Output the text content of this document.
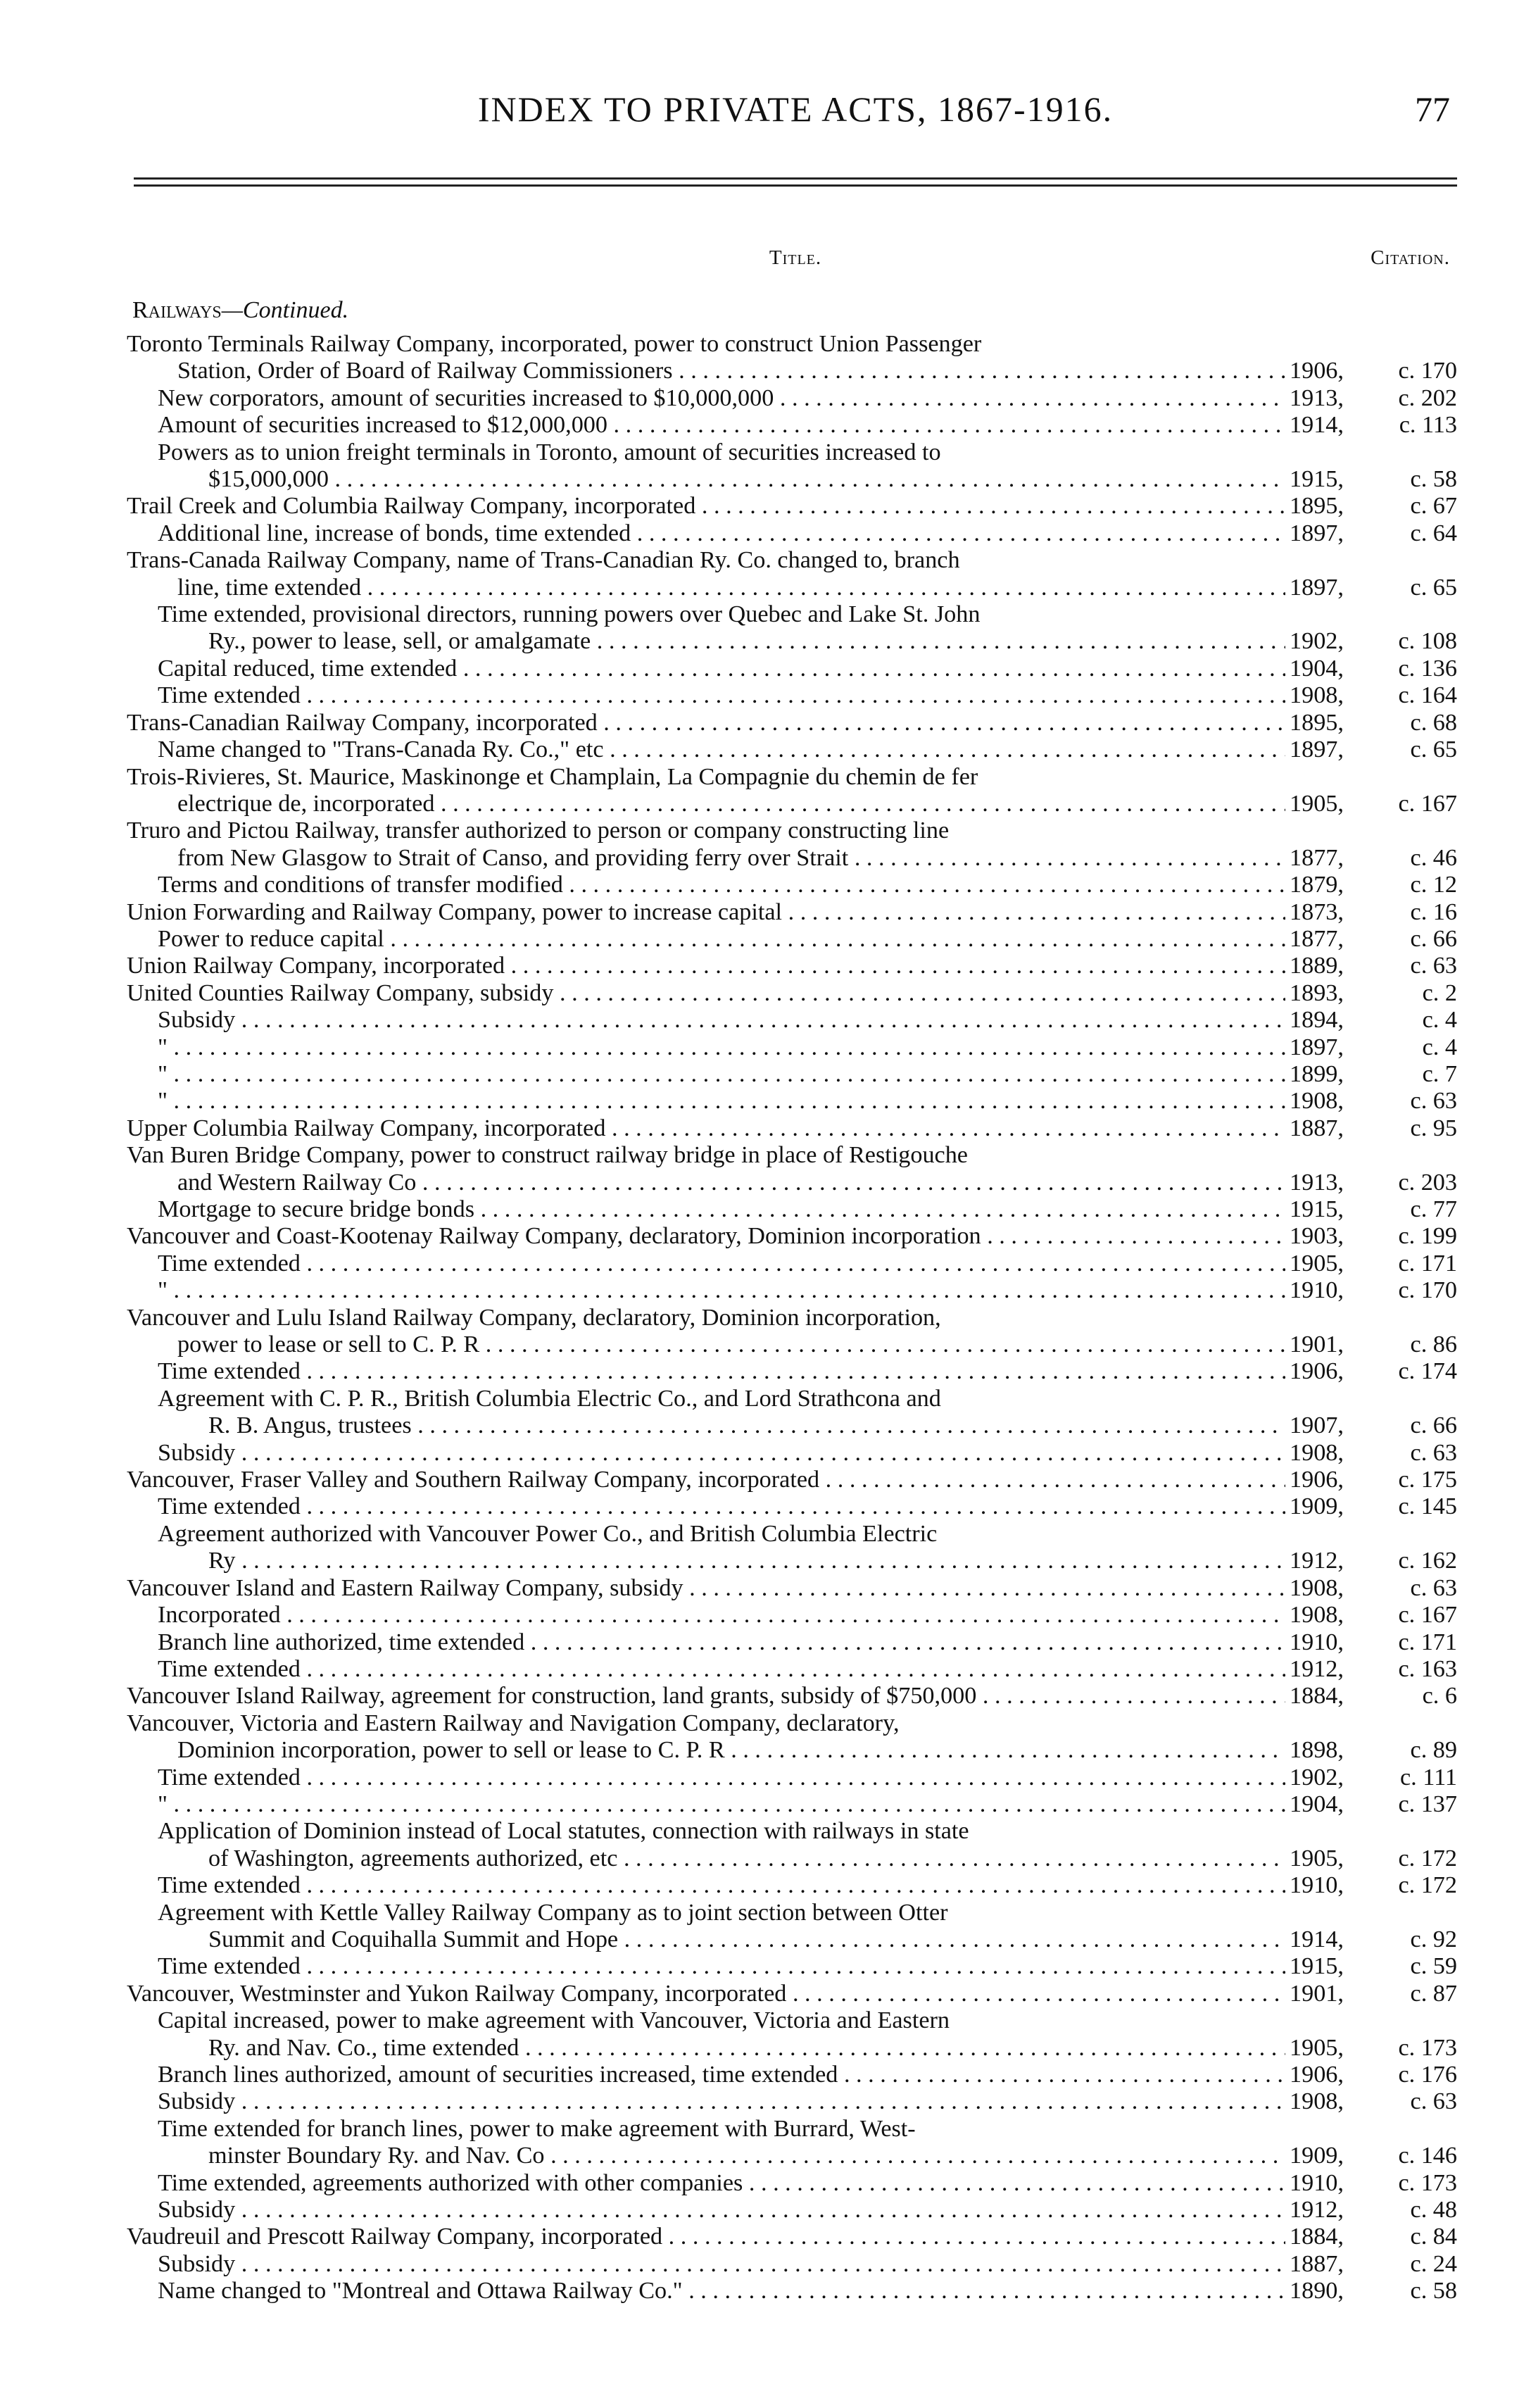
INDEX TO PRIVATE ACTS, 1867-1916.	77
Title.	Citation.
Railways—Continued.
Toronto Terminals Railway Company, incorporated, power to construct Union Passenger
Station, Order of Board of Railway Commissioners . . .	1906, c. 170
New corporators, amount of securities increased to $10,000,000 . . .	1913, c. 202
Amount of securities increased to $12,000,000 . . .	1914, c. 113
Powers as to union freight terminals in Toronto, amount of securities increased to
$15,000,000 . . .	1915,	c. 58
Trail Creek and Columbia Railway Company, incorporated . . .	1895,	c. 67
Additional line, increase of bonds, time extended . . .	1897,	c. 64
Trans-Canada Railway Company, name of Trans-Canadian Ry. Co. changed to, branch
line, time extended . . .	1897,	c. 65
Time extended, provisional directors, running powers over Quebec and Lake St. John
Ry., power to lease, sell, or amalgamate . . .	1902, c. 108
Capital reduced, time extended . . .	1904, c. 136
Time extended . . .	1908, c. 164
Trans-Canadian Railway Company, incorporated . . .	1895,	c. 68
Name changed to "Trans-Canada Ry. Co.," etc . . .	1897,	c. 65
Trois-Rivieres, St. Maurice, Maskinonge et Champlain, La Compagnie du chemin de fer
electrique de, incorporated . . .	1905, c. 167
Truro and Pictou Railway, transfer authorized to person or company constructing line
from New Glasgow to Strait of Canso, and providing ferry over Strait . . .	1877,	c. 46
Terms and conditions of transfer modified . . .	1879,	c. 12
Union Forwarding and Railway Company, power to increase capital . . .	1873,	c. 16
Power to reduce capital . . .	1877,	c. 66
Union Railway Company, incorporated . . .	1889,	c. 63
United Counties Railway Company, subsidy . . .	1893,	c. 2
Subsidy . . .	1894,	c. 4
" . . .	1897,	c. 4
" . . .	1899,	c. 7
" . . .	1908,	c. 63
Upper Columbia Railway Company, incorporated . . .	1887,	c. 95
Van Buren Bridge Company, power to construct railway bridge in place of Restigouche
and Western Railway Co . . .	1913, c. 203
Mortgage to secure bridge bonds . . .	1915,	c. 77
Vancouver and Coast-Kootenay Railway Company, declaratory, Dominion incorporation . . .	1903, c. 199
Time extended . . .	1905, c. 171
" . . .	1910, c. 170
Vancouver and Lulu Island Railway Company, declaratory, Dominion incorporation,
power to lease or sell to C. P. R . . .	1901,	c. 86
Time extended . . .	1906, c. 174
Agreement with C. P. R., British Columbia Electric Co., and Lord Strathcona and
R. B. Angus, trustees . . .	1907,	c. 66
Subsidy . . .	1908,	c. 63
Vancouver, Fraser Valley and Southern Railway Company, incorporated . . .	1906, c. 175
Time extended . . .	1909, c. 145
Agreement authorized with Vancouver Power Co., and British Columbia Electric
Ry . . .	1912, c. 162
Vancouver Island and Eastern Railway Company, subsidy . . .	1908,	c. 63
Incorporated . . .	1908, c. 167
Branch line authorized, time extended . . .	1910, c. 171
Time extended . . .	1912, c. 163
Vancouver Island Railway, agreement for construction, land grants, subsidy of $750,000 . . .	1884,	c. 6
Vancouver, Victoria and Eastern Railway and Navigation Company, declaratory,
Dominion incorporation, power to sell or lease to C. P. R . . .	1898,	c. 89
Time extended . . .	1902, c. 111
" . . .	1904, c. 137
Application of Dominion instead of Local statutes, connection with railways in state
of Washington, agreements authorized, etc . . .	1905, c. 172
Time extended . . .	1910, c. 172
Agreement with Kettle Valley Railway Company as to joint section between Otter
Summit and Coquihalla Summit and Hope . . .	1914,	c. 92
Time extended . . .	1915,	c. 59
Vancouver, Westminster and Yukon Railway Company, incorporated . . .	1901,	c. 87
Capital increased, power to make agreement with Vancouver, Victoria and Eastern
Ry. and Nav. Co., time extended . . .	1905, c. 173
Branch lines authorized, amount of securities increased, time extended . . .	1906, c. 176
Subsidy . . .	1908,	c. 63
Time extended for branch lines, power to make agreement with Burrard, West-
minster Boundary Ry. and Nav. Co . . .	1909, c. 146
Time extended, agreements authorized with other companies . . .	1910, c. 173
Subsidy . . .	1912,	c. 48
Vaudreuil and Prescott Railway Company, incorporated . . .	1884,	c. 84
Subsidy . . .	1887,	c. 24
Name changed to "Montreal and Ottawa Railway Co." . . .	1890,	c. 58
